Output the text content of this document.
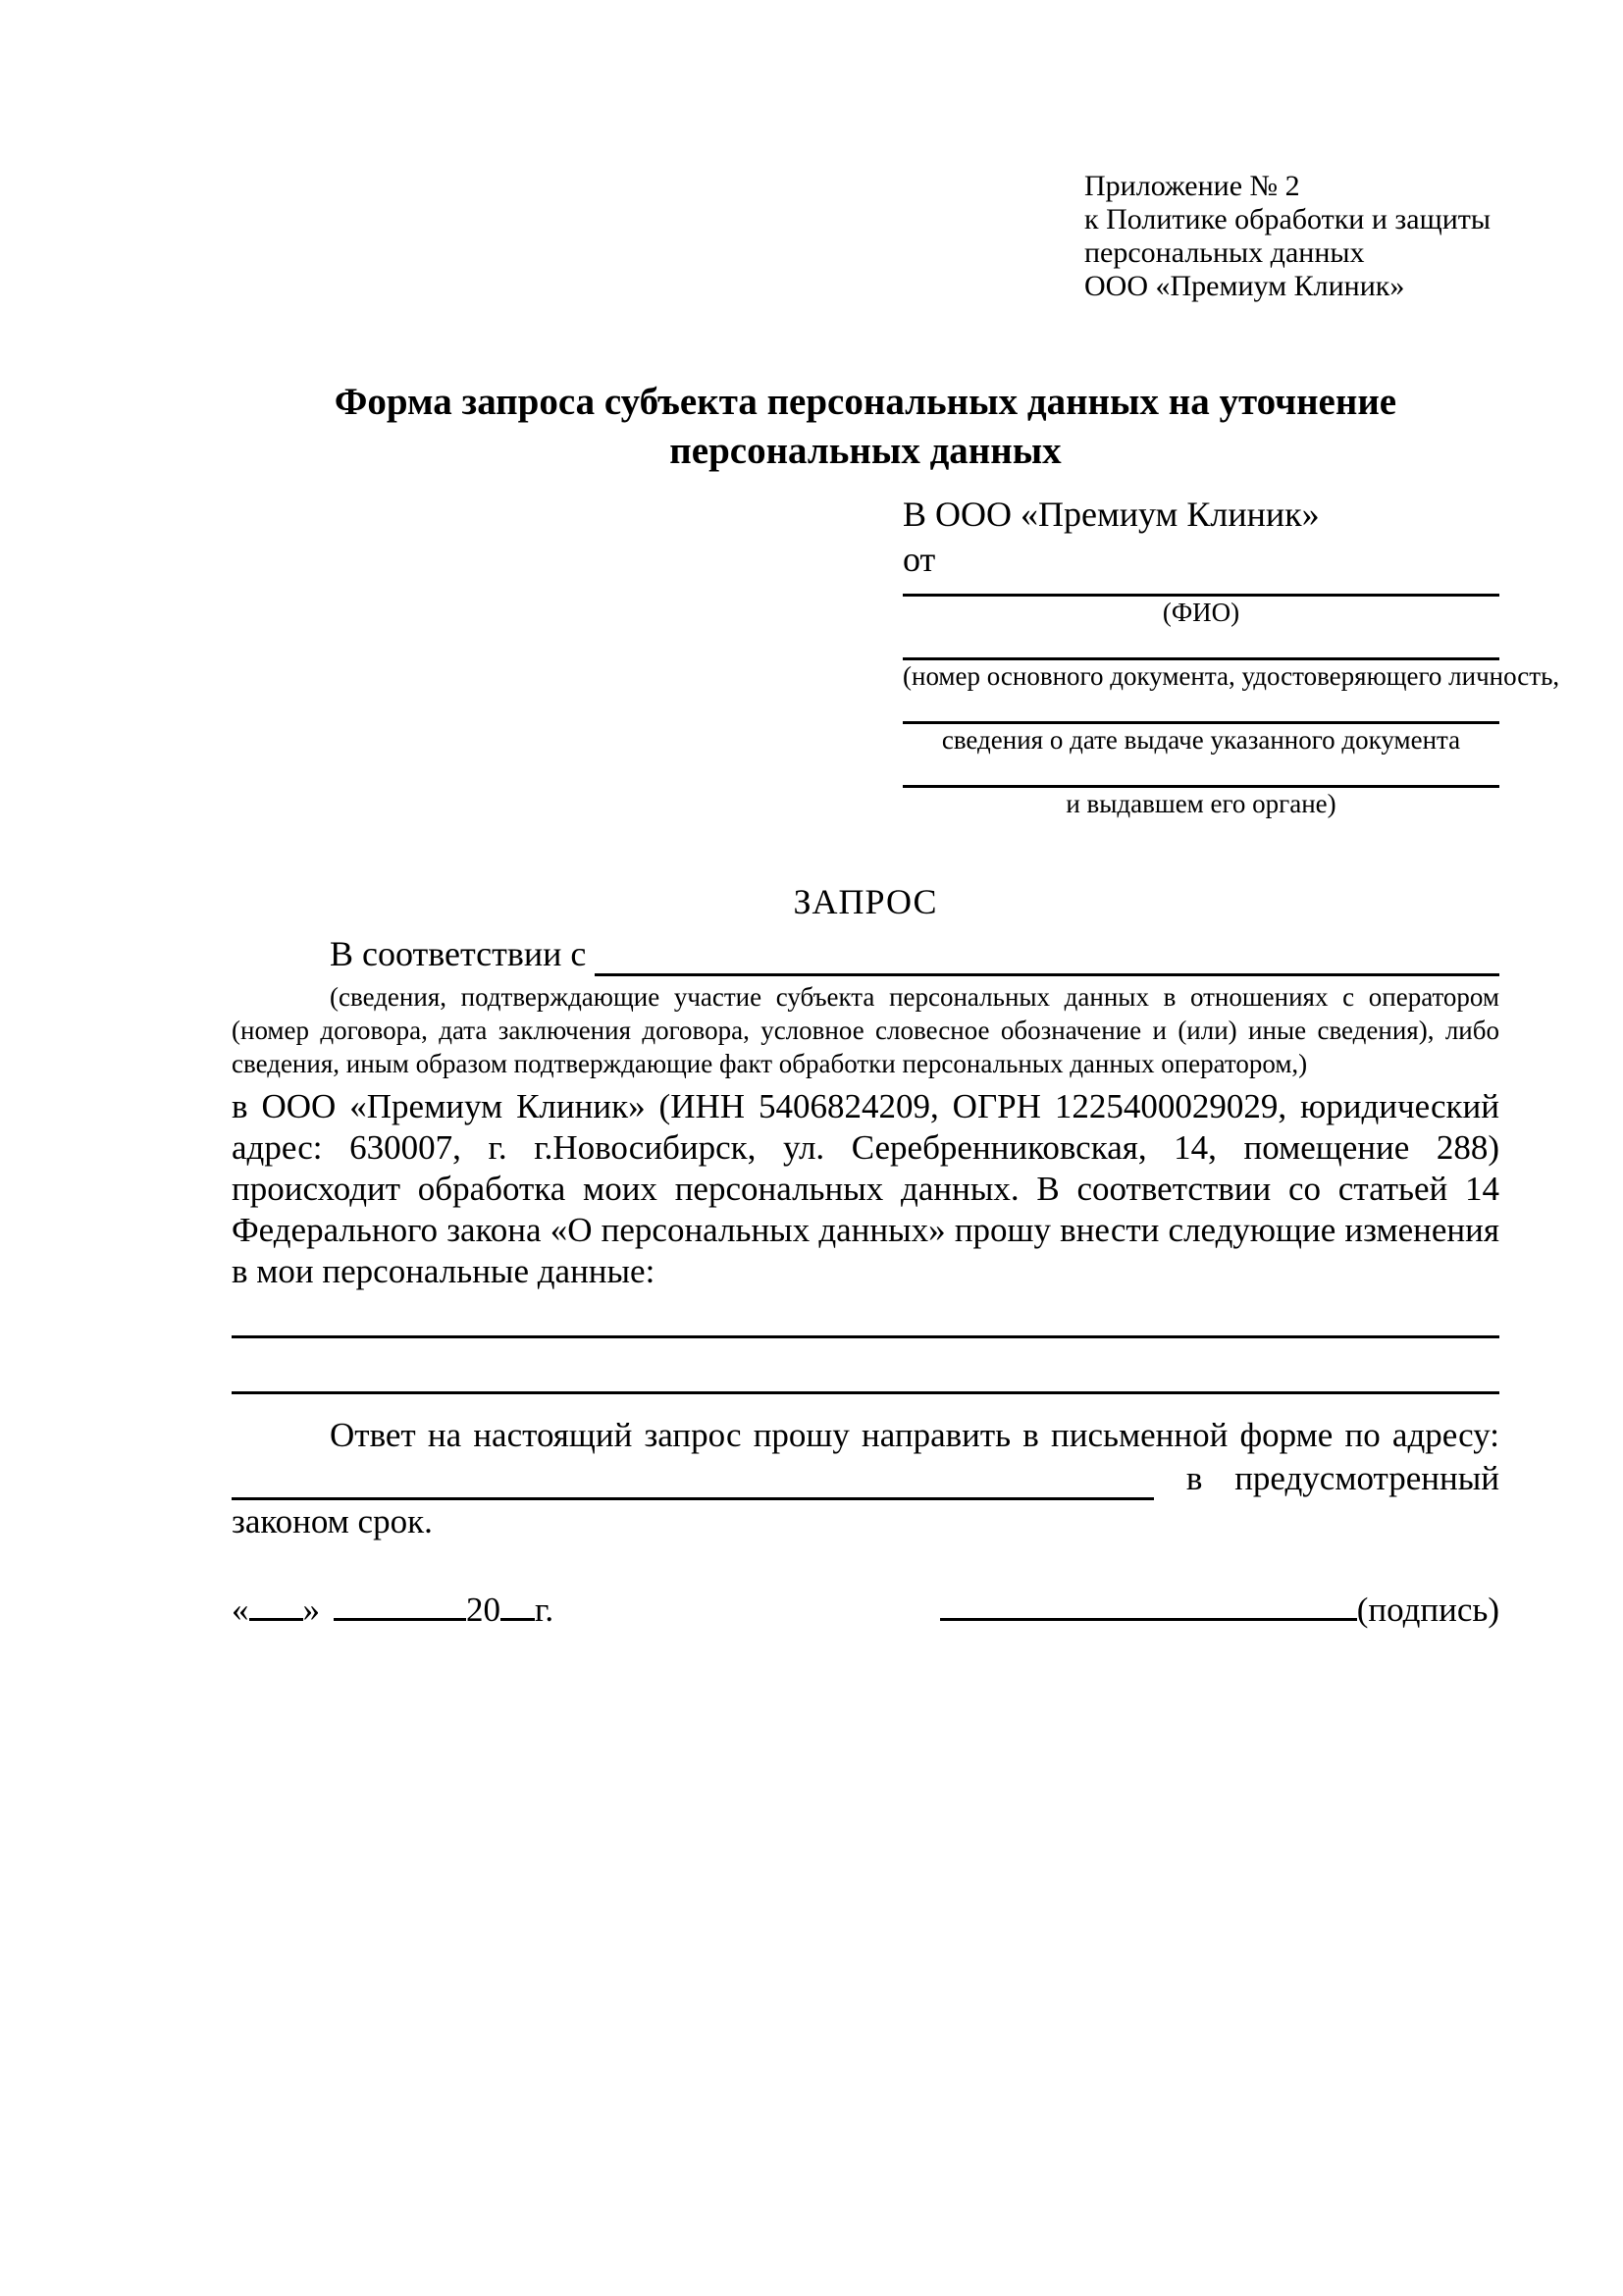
Приложение № 2
к Политике обработки и защиты
персональных данных
ООО «Премиум Клиник»
Форма запроса субъекта персональных данных на уточнение персональных данных
В ООО «Премиум Клиник»
от
(ФИО)
(номер основного документа, удостоверяющего личность,
сведения о дате выдаче указанного документа
и выдавшем его органе)
ЗАПРОС
В соответствии с
(сведения, подтверждающие участие субъекта персональных данных в отношениях с оператором (номер договора, дата заключения договора, условное словесное обозначение и (или) иные сведения), либо сведения, иным образом подтверждающие факт обработки персональных данных оператором,)
в ООО «Премиум Клиник» (ИНН 5406824209, ОГРН 1225400029029, юридический адрес: 630007, г. г.Новосибирск, ул. Серебренниковская, 14, помещение 288) происходит обработка моих персональных данных. В соответствии со статьей 14 Федерального закона «О персональных данных» прошу внести следующие изменения в мои персональные данные:
Ответ на настоящий запрос прошу направить в письменной форме по адресу:
в предусмотренный
законом срок.
« »	20 г.	(подпись)
